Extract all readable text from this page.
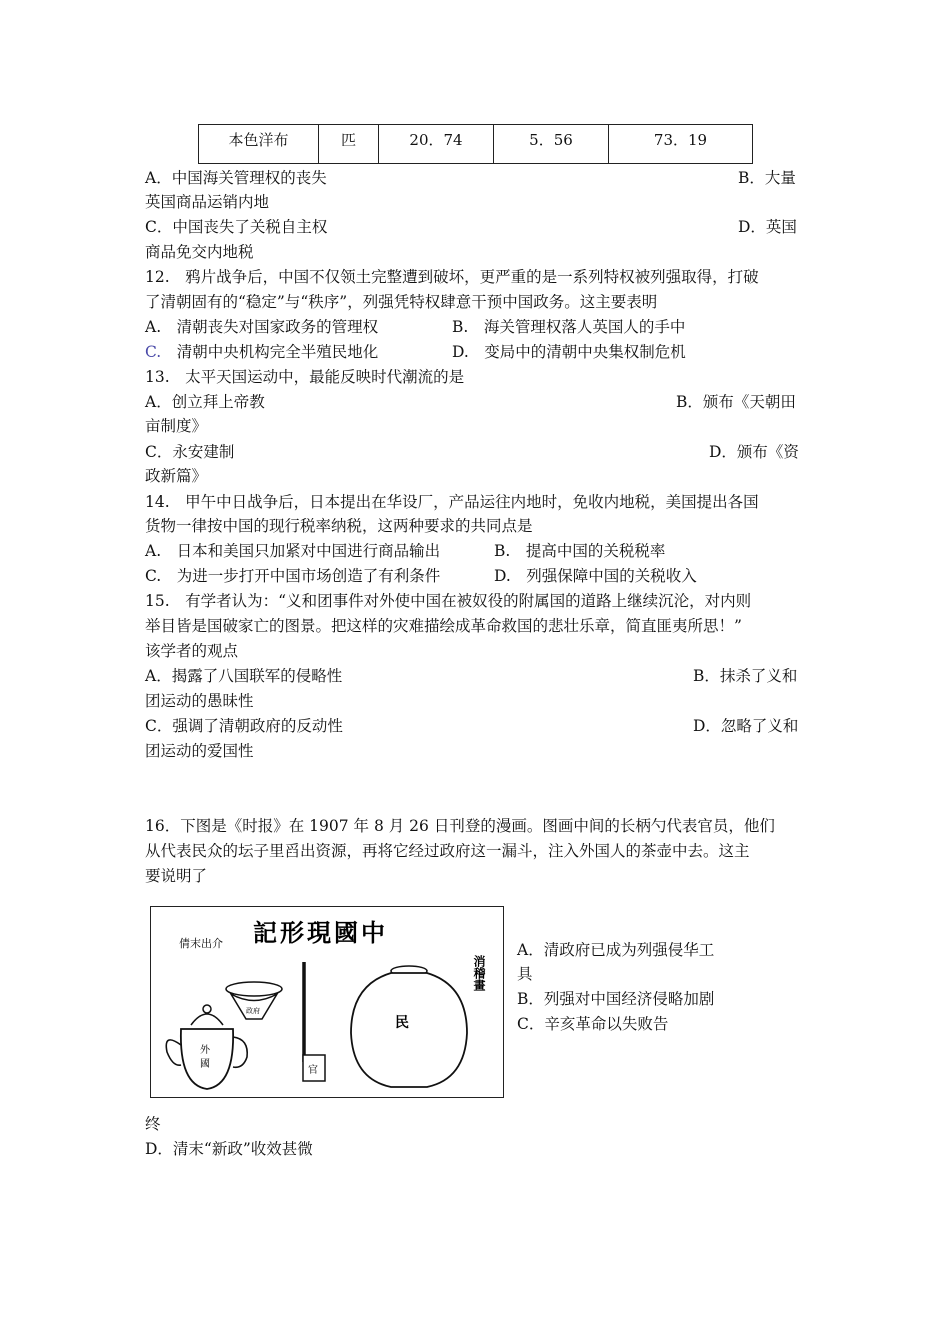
本色洋布	匹	20．74	5．56	73．19
A．中国海关管理权的丧失	B．大量
英国商品运销内地
C．中国丧失了关税自主权	D．英国
商品免交内地税
12.　鸦片战争后，中国不仅领土完整遭到破坏，更严重的是一系列特权被列强取得，打破
了清朝固有的“稳定”与“秩序”，列强凭特权肆意干预中国政务。这主要表明
A.　清朝丧失对国家政务的管理权	B.　海关管理权落人英国人的手中
C.　清朝中央机构完全半殖民地化	D.　变局中的清朝中央集权制危机
13.　太平天国运动中，最能反映时代潮流的是
A．创立拜上帝教	B．颁布《天朝田
亩制度》
C．永安建制	D．颁布《资
政新篇》
14.　甲午中日战争后，日本提出在华设厂，产品运往内地时，免收内地税，美国提出各国
货物一律按中国的现行税率纳税，这两种要求的共同点是
A.　日本和美国只加紧对中国进行商品输出	B.　提高中国的关税税率
C.　为进一步打开中国市场创造了有利条件	D.　列强保障中国的关税收入
15.　有学者认为：“义和团事件对外使中国在被奴役的附属国的道路上继续沉沦，对内则
举目皆是国破家亡的图景。把这样的灾难描绘成革命救国的悲壮乐章，简直匪夷所思！”
该学者的观点
A．揭露了八国联军的侵略性	B．抹杀了义和
团运动的愚昧性
C．强调了清朝政府的反动性	D．忽略了义和
团运动的爱国性
16．下图是《时报》在 1907 年 8 月 26 日刊登的漫画。图画中间的长柄勺代表官员，他们
从代表民众的坛子里舀出资源，再将它经过政府这一漏斗，注入外国人的茶壶中去。这主
要说明了
倩末出介 記形現國中
消稽畫
官
政府
外
國
民
A．清政府已成为列强侵华工
具
B．列强对中国经济侵略加剧
C．辛亥革命以失败告
终
D．清末“新政”收效甚微
